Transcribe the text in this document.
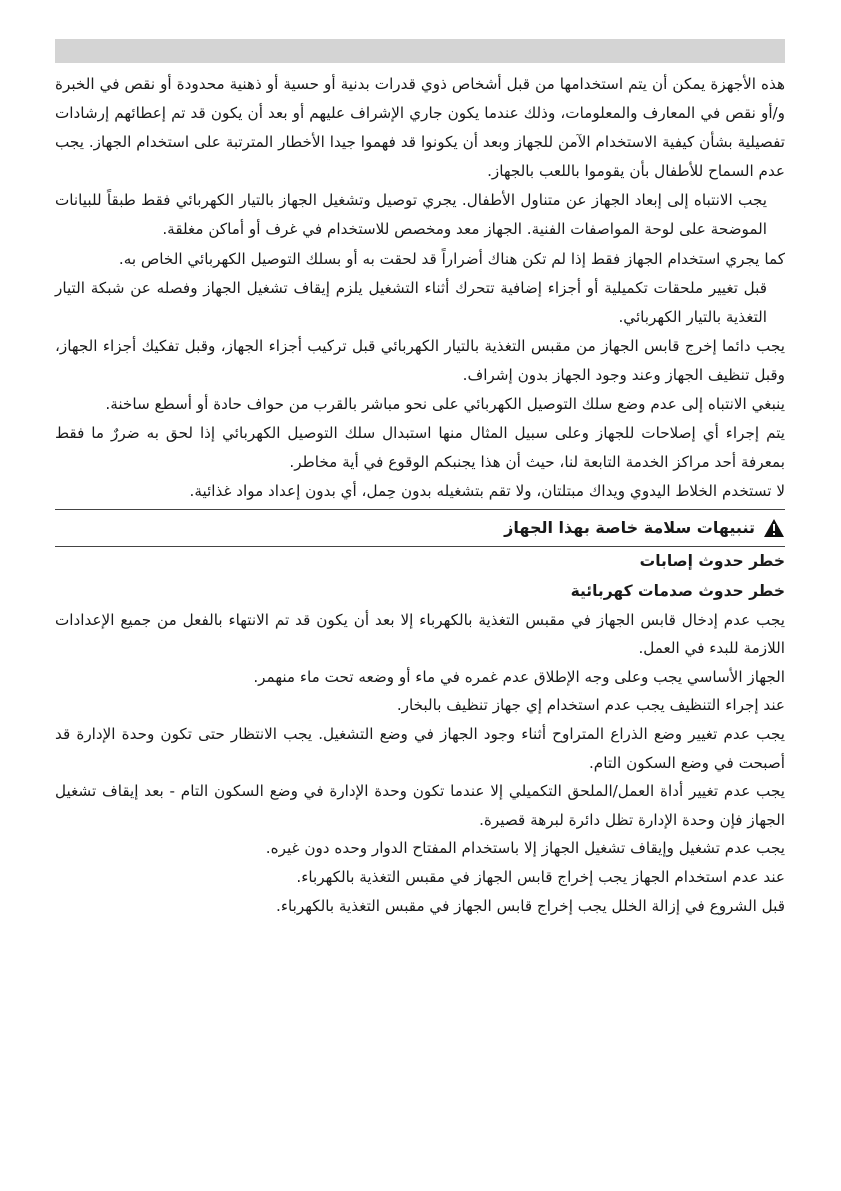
هذه الأجهزة يمكن أن يتم استخدامها من قبل أشخاص ذوي قدرات بدنية أو حسية أو ذهنية محدودة أو نقص في الخبرة و/أو نقص في المعارف والمعلومات، وذلك عندما يكون جاري الإشراف عليهم أو بعد أن يكون قد تم إعطائهم إرشادات تفصيلية بشأن كيفية الاستخدام الآمن للجهاز وبعد أن يكونوا قد فهموا جيدا الأخطار المترتبة على استخدام الجهاز. يجب عدم السماح للأطفال بأن يقوموا باللعب بالجهاز.

يجب الانتباه إلى إبعاد الجهاز عن متناول الأطفال. يجري توصيل وتشغيل الجهاز بالتيار الكهربائي فقط طبقاً للبيانات الموضحة على لوحة المواصفات الفنية. الجهاز معد ومخصص للاستخدام في غرف أو أماكن مغلقة.

كما يجري استخدام الجهاز فقط إذا لم تكن هناك أضراراً قد لحقت به أو بسلك التوصيل الكهربائي الخاص به.

قبل تغيير ملحقات تكميلية أو أجزاء إضافية تتحرك أثناء التشغيل يلزم إيقاف تشغيل الجهاز وفصله عن شبكة التيار التغذية بالتيار الكهربائي.

يجب دائما إخرج قابس الجهاز من مقبس التغذية بالتيار الكهربائي قبل تركيب أجزاء الجهاز، وقبل تفكيك أجزاء الجهاز، وقبل تنظيف الجهاز وعند وجود الجهاز بدون إشراف.

ينبغي الانتباه إلى عدم وضع سلك التوصيل الكهربائي على نحو مباشر بالقرب من حواف حادة أو أسطع ساخنة.

يتم إجراء أي إصلاحات للجهاز وعلى سبيل المثال منها استبدال سلك التوصيل الكهربائي إذا لحق به ضررٌ ما فقط بمعرفة أحد مراكز الخدمة التابعة لنا، حيث أن هذا يجنبكم الوقوع في أية مخاطر.

لا تستخدم الخلاط اليدوي ويداك مبتلتان، ولا تقم بتشغيله بدون حِمل، أي بدون إعداد مواد غذائية.

تنبيهات سلامة خاصة بهذا الجهاز

خطر حدوث إصابات

خطر حدوث صدمات كهربائية

يجب عدم إدخال قابس الجهاز في مقبس التغذية بالكهرباء إلا بعد أن يكون قد تم الانتهاء بالفعل من جميع الإعدادات اللازمة للبدء في العمل.

الجهاز الأساسي يجب وعلى وجه الإطلاق عدم غمره في ماء أو وضعه تحت ماء منهمر.

عند إجراء التنظيف يجب عدم استخدام إي جهاز تنظيف بالبخار.

يجب عدم تغيير وضع الذراع المتراوح أثناء وجود الجهاز في وضع التشغيل. يجب الانتظار حتى تكون وحدة الإدارة قد أصبحت في وضع السكون التام.

يجب عدم تغيير أداة العمل/الملحق التكميلي إلا عندما تكون وحدة الإدارة في وضع السكون التام - بعد إيقاف تشغيل الجهاز فإن وحدة الإدارة تظل دائرة لبرهة قصيرة.

يجب عدم تشغيل وإيقاف تشغيل الجهاز إلا باستخدام المفتاح الدوار وحده دون غيره.

عند عدم استخدام الجهاز يجب إخراج قابس الجهاز في مقبس التغذية بالكهرباء.

قبل الشروع في إزالة الخلل يجب إخراج قابس الجهاز في مقبس التغذية بالكهرباء.
